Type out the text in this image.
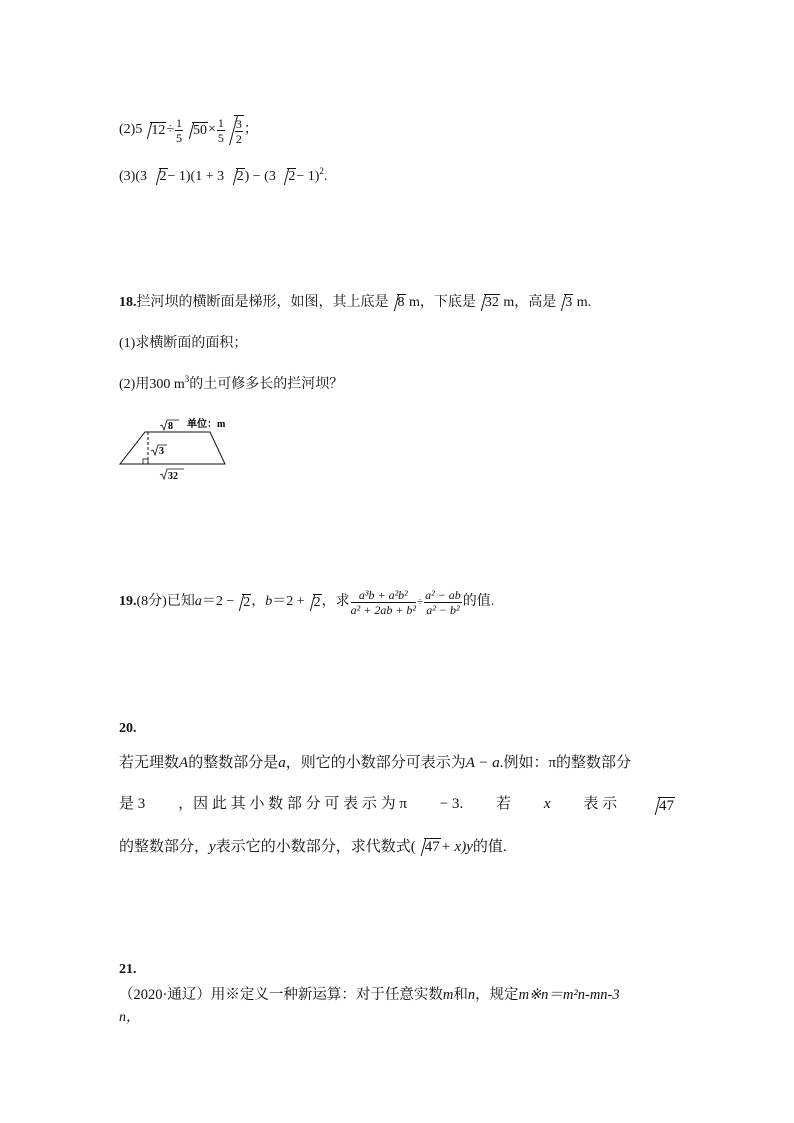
(2) 5 $12 \div \frac{1}{5} 50 \times \frac{1}{5} \frac{3}{2}$ ；
(3)(3 2− 1)(1 + 3 2) − (3 2− 1)$^2$.
18.拦河坝的横断面是梯形，如图，其上底是 8 m，下底是 32 m，高是 3 m.
(1)求横断面的面积；
(2)用300 $m^3$的土可修多长的拦河坝？
8
3
32
单位：m
19. (8分)已知 a ＝2 − 2 ， b ＝2 + 2 ，求 $\frac{\text{a³b + a²b²}}{\text{a² + 2ab + b²}} \div \frac{\text{a² − ab}}{\text{a² − b²}}$ 的值.
20.
若无理数A的整数部分是a，则它的小数部分可表示为A − a.例如：π的整数部分
是 3 ，因 此 其 小 数 部 分 可 表 示 为 π − 3. 若 x 表 示	47
的整数部分，y表示它的小数部分，求代数式( 47+ x)y的值.
21.
（2020·通辽）用※定义一种新运算：对于任意实数m和n，规定m※n＝m²n-mn-3
n，
